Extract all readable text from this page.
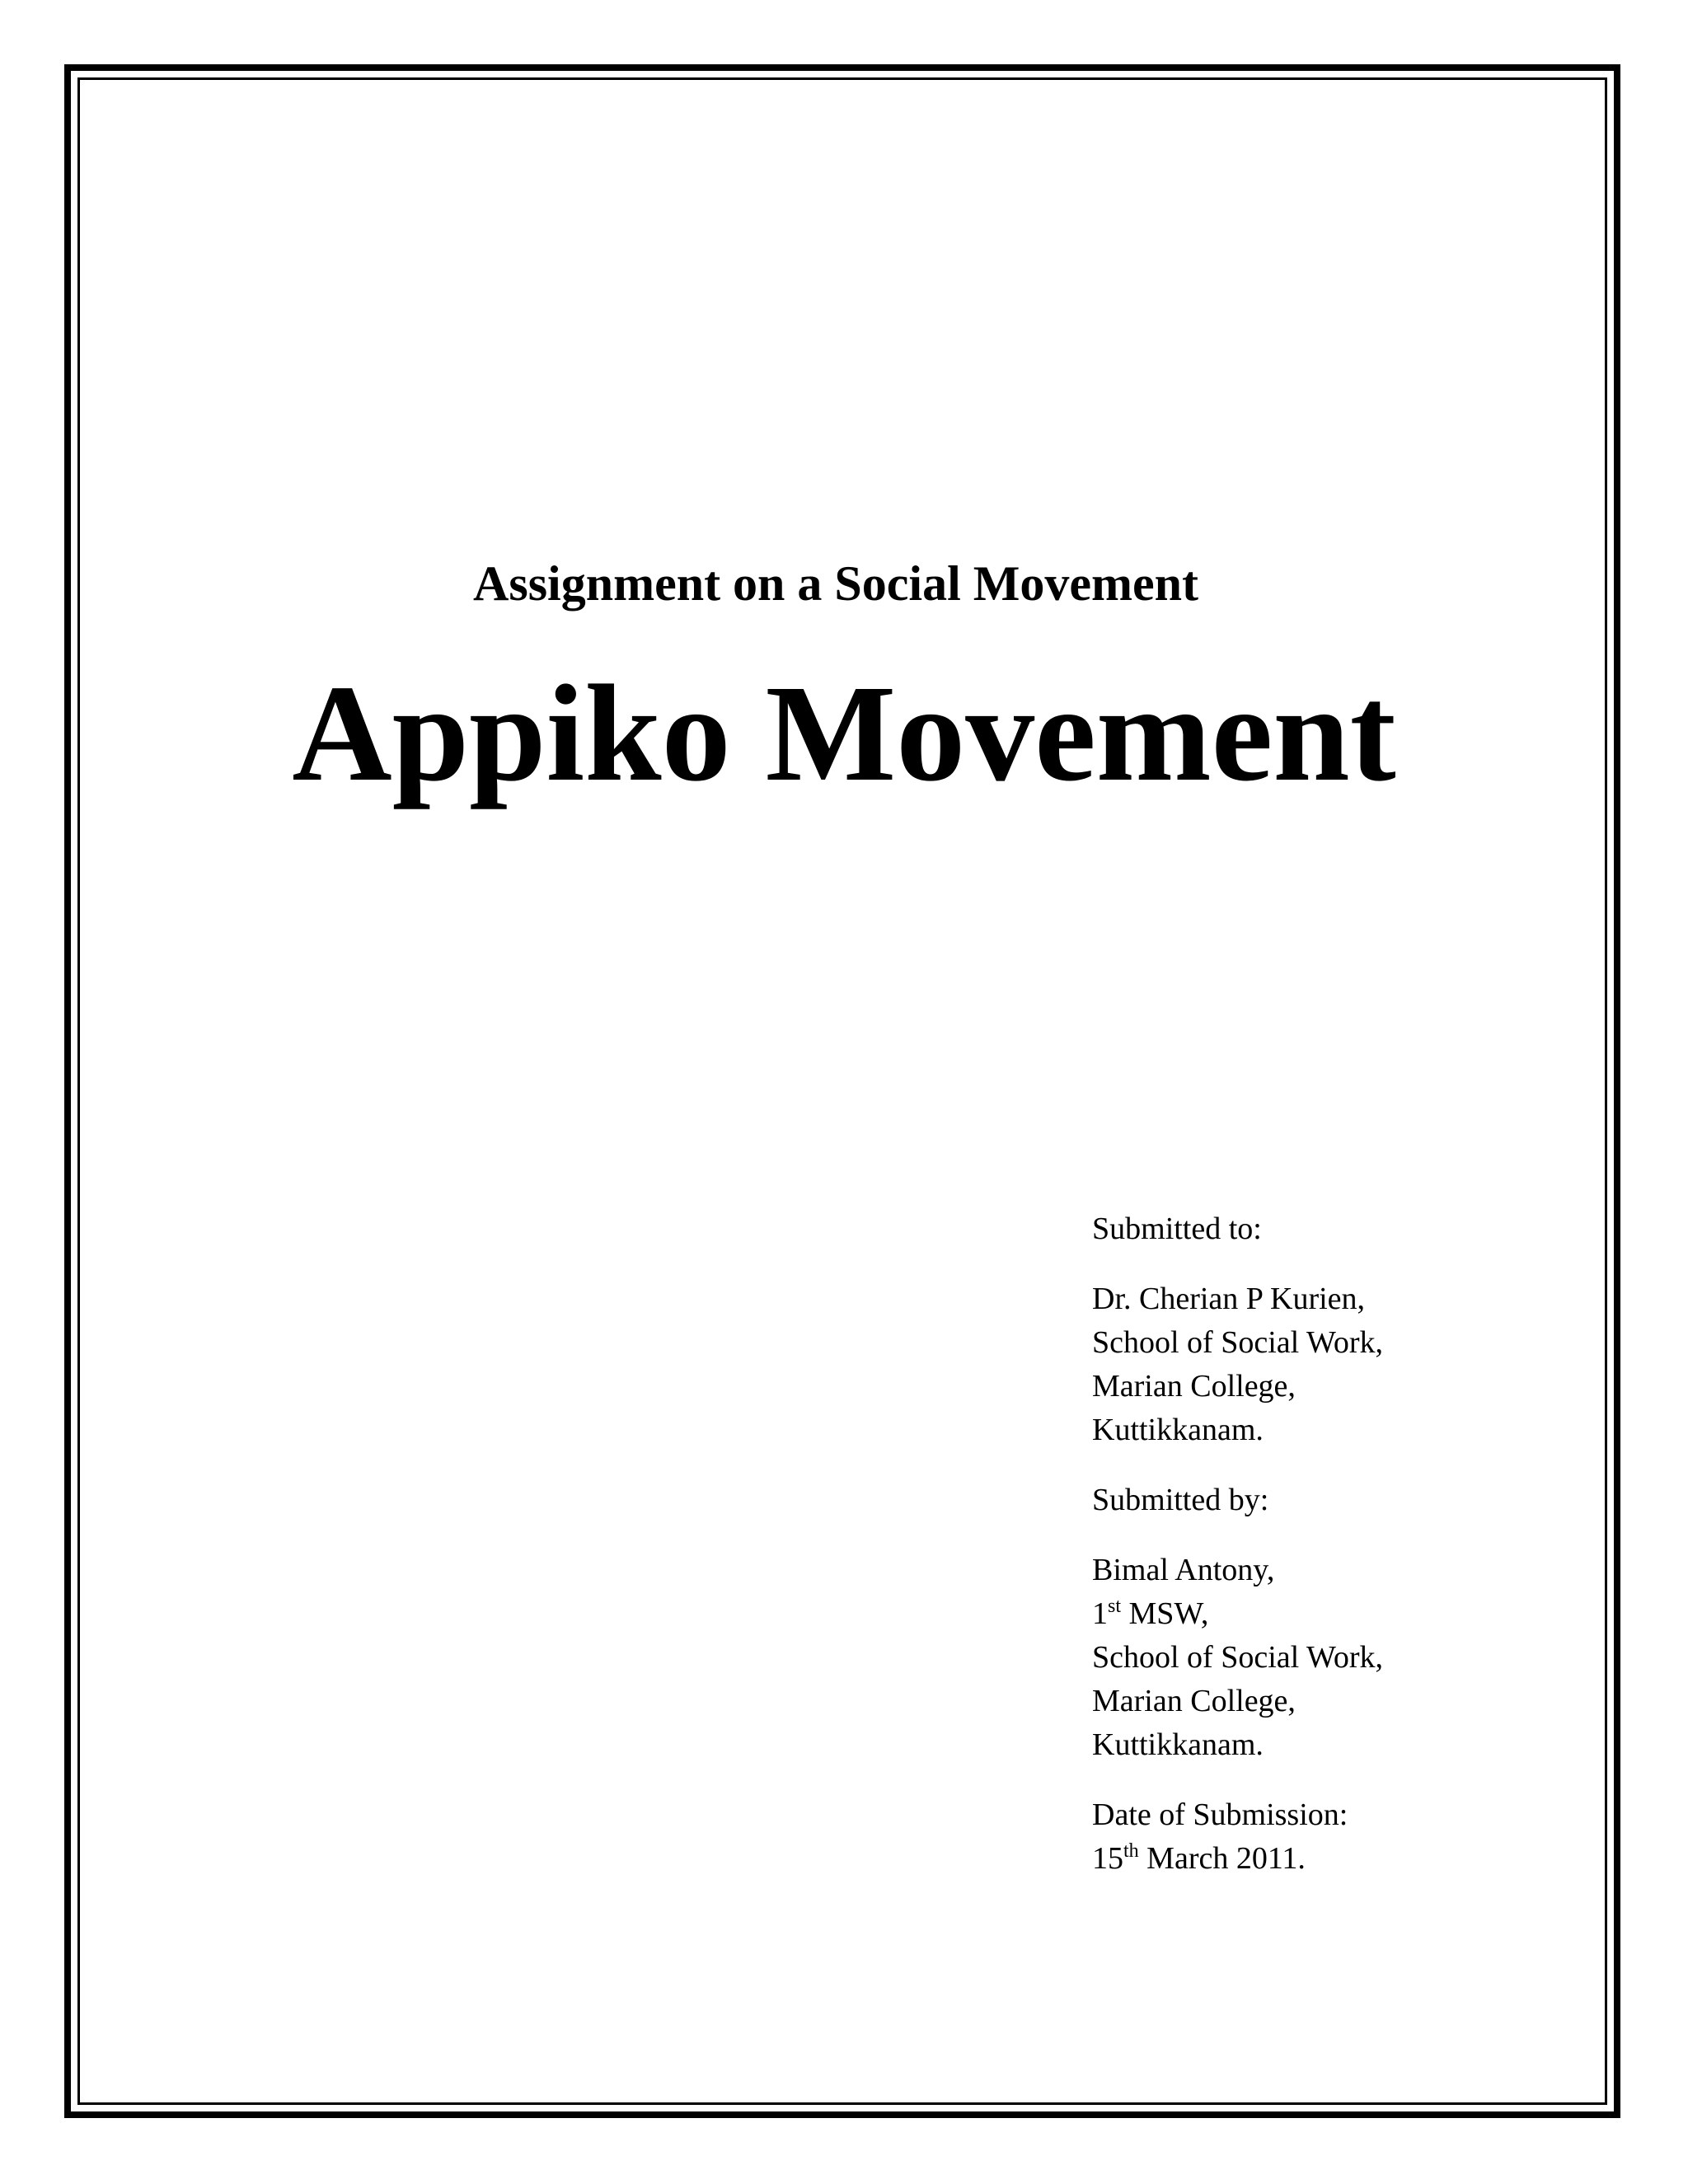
Assignment on a Social Movement
Appiko Movement

Submitted to:

Dr. Cherian P Kurien,
School of Social Work,
Marian College,
Kuttikkanam.

Submitted by:

Bimal Antony,
1st MSW,
School of Social Work,
Marian College,
Kuttikkanam.

Date of Submission:
15th March 2011.
